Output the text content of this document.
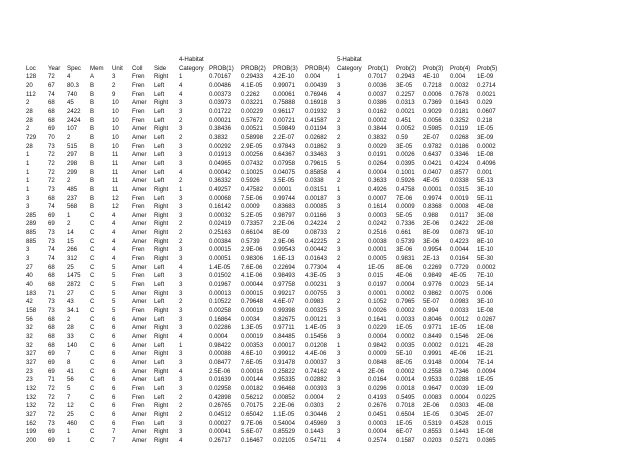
							4-Habitat					5-Habitat					
Loc	Year	Spec	Mem	Unit	Coll	Side	Category	PROB(1)	PROB(2)	PROB(3)	PROB(4)	Category	Prob(1)	Prob(2)	Prob(3)	Prob(4)	Prob(5)
128	72	4	A	3	Fren	Right	1	0.70167	0.29433	4.2E-10	0.004	1	0.7017	0.2943	4E-10	0.004	1E-09
20	67	80.3	B	2	Fren	Left	4	0.00486	4.1E-05	0.99071	0.00439	3	0.0036	3E-05	0.7218	0.0032	0.2714
112	74	740	B	9	Fren	Left	4	0.00373	0.2262	0.00061	0.76946	4	0.0037	0.2257	0.0006	0.7678	0.0021
2	68	45	B	10	Amer	Right	3	0.03973	0.03221	0.75888	0.16918	3	0.0386	0.0313	0.7369	0.1643	0.029
28	68	2422	B	10	Fren	Left	3	0.01722	0.00229	0.96117	0.01932	3	0.0162	0.0021	0.9029	0.0181	0.0607
28	68	2424	B	10	Fren	Left	2	0.00021	0.57672	0.00721	0.41587	2	0.0002	0.451	0.0056	0.3252	0.218
2	69	107	B	10	Amer	Right	3	0.38436	0.00521	0.59849	0.01194	3	0.3844	0.0052	0.5985	0.0119	1E-05
729	70	2	B	10	Amer	Left	2	0.3832	0.58998	2.2E-07	0.02682	2	0.3832	0.59	2E-07	0.0268	3E-09
28	73	515	B	10	Fren	Left	3	0.00292	2.9E-05	0.97843	0.01862	3	0.0029	3E-05	0.9782	0.0186	0.0002
1	72	297	B	11	Amer	Left	3	0.01913	0.00256	0.64367	0.33463	3	0.0191	0.0026	0.6437	0.3346	1E-08
1	72	298	B	11	Amer	Left	3	0.04965	0.07432	0.07958	0.79615	5	0.0264	0.0395	0.0421	0.4224	0.4096
1	72	299	B	11	Amer	Left	4	0.00042	0.10025	0.04075	0.85858	4	0.0004	0.1001	0.0407	0.8577	0.001
1	72	2	B	11	Amer	Left	2	0.36332	0.5926	3.5E-05	0.0338	2	0.3633	0.5926	4E-05	0.0338	5E-13
1	73	485	B	11	Amer	Right	1	0.49257	0.47582	0.0001	0.03151	1	0.4926	0.4758	0.0001	0.0315	3E-10
3	68	237	B	12	Fren	Left	3	0.00068	7.5E-06	0.99744	0.00187	3	0.0007	7E-06	0.9974	0.0019	5E-11
3	74	568	B	12	Fren	Right	3	0.16142	0.0009	0.83683	0.00085	3	0.1614	0.0009	0.8368	0.0008	4E-08
285	69	1	C	4	Amer	Right	3	0.00032	5.2E-05	0.98797	0.01166	3	0.0003	5E-05	0.988	0.0117	3E-08
289	69	2	C	4	Amer	Right	2	0.02419	0.73357	2.2E-06	0.24224	2	0.0242	0.7336	2E-06	0.2422	2E-08
885	73	14	C	4	Amer	Right	2	0.25163	0.66104	8E-09	0.08733	2	0.2516	0.661	8E-09	0.0873	9E-10
885	73	15	C	4	Amer	Right	2	0.00384	0.5739	2.9E-06	0.42225	2	0.0038	0.5739	3E-06	0.4223	8E-10
3	74	266	C	4	Fren	Right	3	0.00015	2.9E-06	0.99543	0.00442	3	0.0001	3E-06	0.9954	0.0044	1E-10
3	74	312	C	4	Fren	Right	3	0.00051	0.98306	1.6E-13	0.01643	2	0.0005	0.9831	2E-13	0.0164	5E-30
27	68	25	C	5	Amer	Left	4	1.4E-05	7.6E-06	0.22694	0.77304	4	1E-05	8E-06	0.2269	0.7729	0.0002
40	68	1475	C	5	Fren	Left	3	0.01502	4.1E-06	0.98493	4.3E-05	3	0.015	4E-06	0.9849	4E-05	7E-10
40	68	2872	C	5	Fren	Left	3	0.01967	0.00044	0.97758	0.00231	3	0.0197	0.0004	0.9776	0.0023	5E-14
183	71	27	C	5	Amer	Right	3	0.00013	0.00015	0.99217	0.00755	3	0.0001	0.0002	0.9862	0.0075	0.006
42	73	43	C	5	Amer	Left	2	0.10522	0.79648	4.6E-07	0.0983	2	0.1052	0.7965	5E-07	0.0983	3E-10
158	73	34.1	C	5	Fren	Right	3	0.00258	0.00019	0.99398	0.00325	3	0.0026	0.0002	0.994	0.0033	1E-08
56	68	2	C	6	Amer	Left	3	0.16864	0.0034	0.82675	0.00121	3	0.1641	0.0033	0.8046	0.0012	0.0267
32	68	28	C	6	Amer	Right	3	0.02286	1.3E-05	0.97711	1.4E-05	3	0.0229	1E-05	0.9771	1E-05	1E-08
32	68	33	C	6	Amer	Right	4	0.0004	0.00019	0.84485	0.15456	3	0.0004	0.0002	0.8449	0.1546	2E-06
32	68	140	C	6	Amer	Left	1	0.98422	0.00353	0.00017	0.01208	1	0.9842	0.0035	0.0002	0.0121	4E-28
327	69	7	C	6	Amer	Right	3	0.00088	4.6E-10	0.99912	4.4E-06	3	0.0009	5E-10	0.9991	4E-06	1E-21
327	69	8	C	6	Amer	Left	3	0.08477	7.6E-05	0.91478	0.00037	3	0.0848	8E-05	0.9148	0.0004	7E-14
23	69	41	C	6	Amer	Right	4	2.5E-06	0.00016	0.25822	0.74162	4	2E-06	0.0002	0.2558	0.7346	0.0094
23	71	56	C	6	Amer	Left	3	0.01639	0.00144	0.95335	0.02882	3	0.0164	0.0014	0.9533	0.0288	1E-05
132	72	5	C	6	Fren	Left	3	0.02958	0.00182	0.96468	0.00393	3	0.0296	0.0018	0.9647	0.0039	1E-09
132	72	7	C	6	Fren	Left	2	0.42898	0.56212	0.00852	0.0004	2	0.4193	0.5495	0.0083	0.0004	0.0225
132	72	12	C	6	Fren	Right	2	0.26765	0.70175	2.2E-06	0.0303	2	0.2676	0.7018	2E-06	0.0303	4E-08
327	72	25	C	6	Amer	Right	2	0.04512	0.65042	1.1E-05	0.30446	2	0.0451	0.6504	1E-05	0.3045	2E-07
162	73	460	C	6	Fren	Left	3	0.00027	9.7E-06	0.54004	0.45969	3	0.0003	1E-05	0.5319	0.4528	0.015
199	69	1	C	7	Amer	Right	3	0.00041	5.6E-07	0.85529	0.1443	3	0.0004	6E-07	0.8553	0.1443	1E-08
200	69	1	C	7	Amer	Right	4	0.26717	0.16467	0.02105	0.54711	4	0.2574	0.1587	0.0203	0.5271	0.0365
